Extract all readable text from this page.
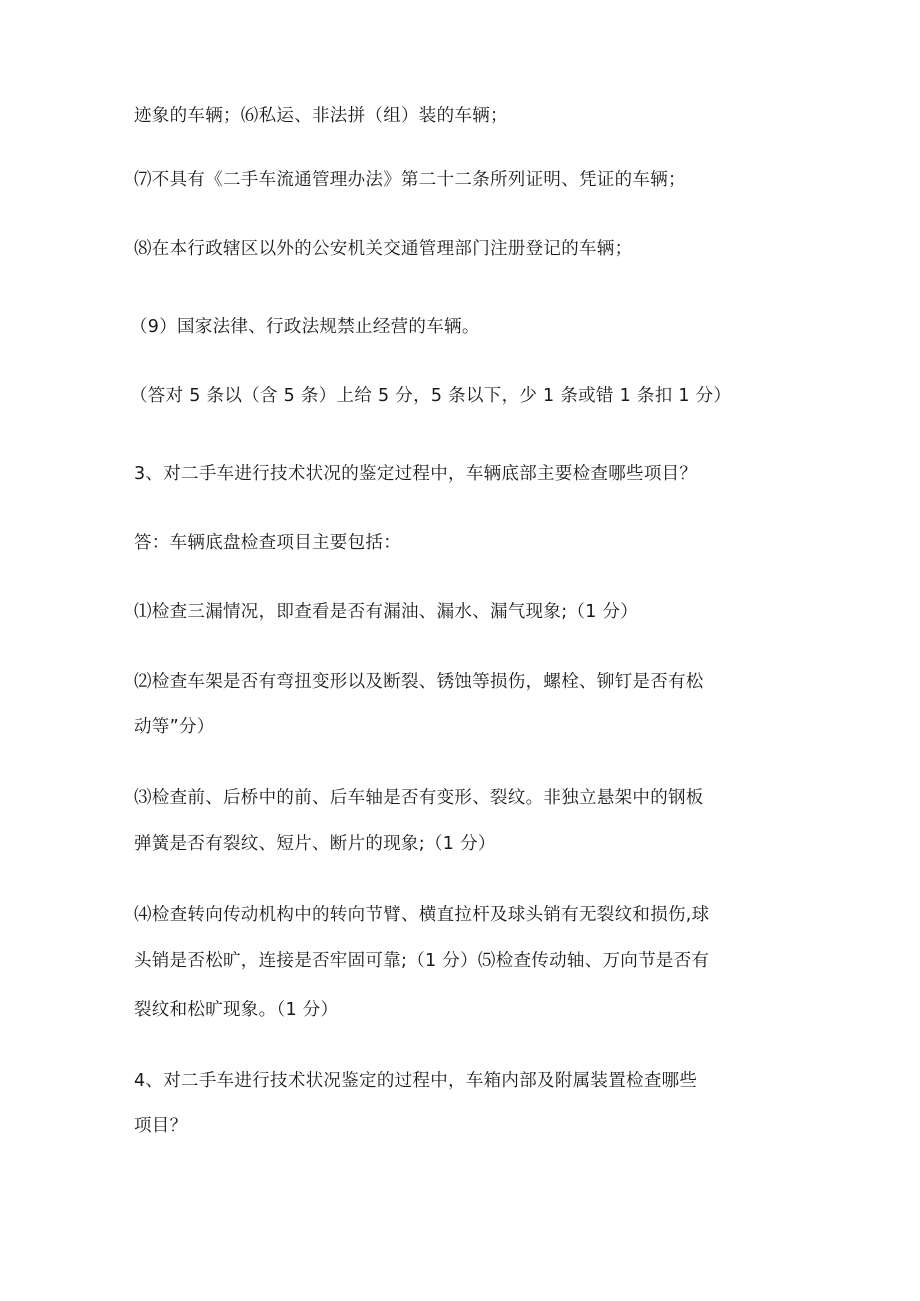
迹象的车辆；⑹私运、非法拼（组）装的车辆；
⑺不具有《二手车流通管理办法》第二十二条所列证明、凭证的车辆；
⑻在本行政辖区以外的公安机关交通管理部门注册登记的车辆；
（9）国家法律、行政法规禁止经营的车辆。
（答对 5 条以（含 5 条）上给 5 分，5 条以下，少 1 条或错 1 条扣 1 分）
3、对二手车进行技术状况的鉴定过程中，车辆底部主要检查哪些项目？
答：车辆底盘检查项目主要包括：
⑴检查三漏情况，即查看是否有漏油、漏水、漏气现象;（1 分）
⑵检查车架是否有弯扭变形以及断裂、锈蚀等损伤，螺栓、铆钉是否有松
动等”分）
⑶检查前、后桥中的前、后车轴是否有变形、裂纹。非独立悬架中的钢板
弹簧是否有裂纹、短片、断片的现象;（1 分）
⑷检查转向传动机构中的转向节臂、横直拉杆及球头销有无裂纹和损伤,球
头销是否松旷，连接是否牢固可靠;（1 分）⑸检查传动轴、万向节是否有
裂纹和松旷现象。（1 分）
4、对二手车进行技术状况鉴定的过程中，车箱内部及附属装置检查哪些
项目？
